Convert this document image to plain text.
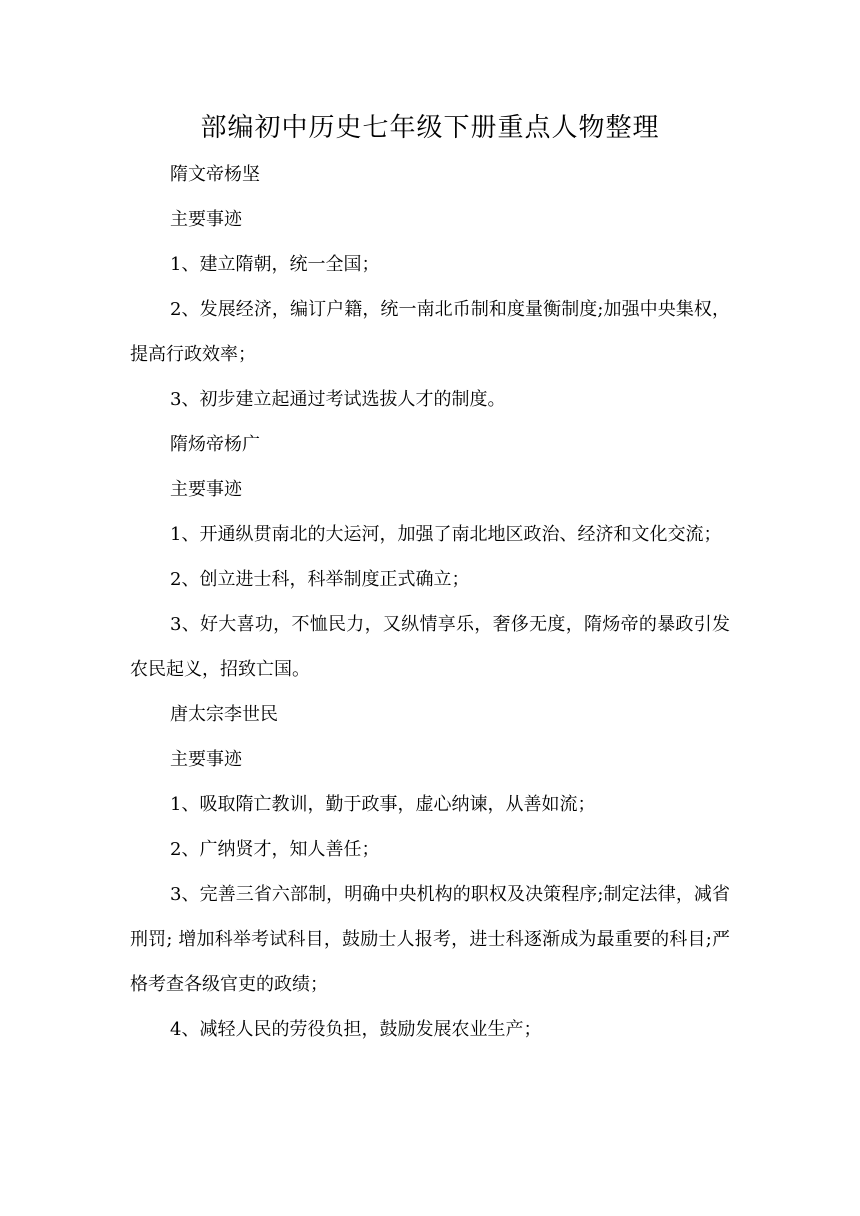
部编初中历史七年级下册重点人物整理

隋文帝杨坚

主要事迹

1、建立隋朝，统一全国；

2、发展经济，编订户籍，统一南北币制和度量衡制度;加强中央集权，提高行政效率；

3、初步建立起通过考试选拔人才的制度。

隋炀帝杨广

主要事迹

1、开通纵贯南北的大运河，加强了南北地区政治、经济和文化交流；

2、创立进士科，科举制度正式确立；

3、好大喜功，不恤民力，又纵情享乐，奢侈无度，隋炀帝的暴政引发农民起义，招致亡国。

唐太宗李世民

主要事迹

1、吸取隋亡教训，勤于政事，虚心纳谏，从善如流；

2、广纳贤才，知人善任；

3、完善三省六部制，明确中央机构的职权及决策程序;制定法律，减省刑罚; 增加科举考试科目，鼓励士人报考，进士科逐渐成为最重要的科目;严格考查各级官吏的政绩；

4、减轻人民的劳役负担，鼓励发展农业生产；
